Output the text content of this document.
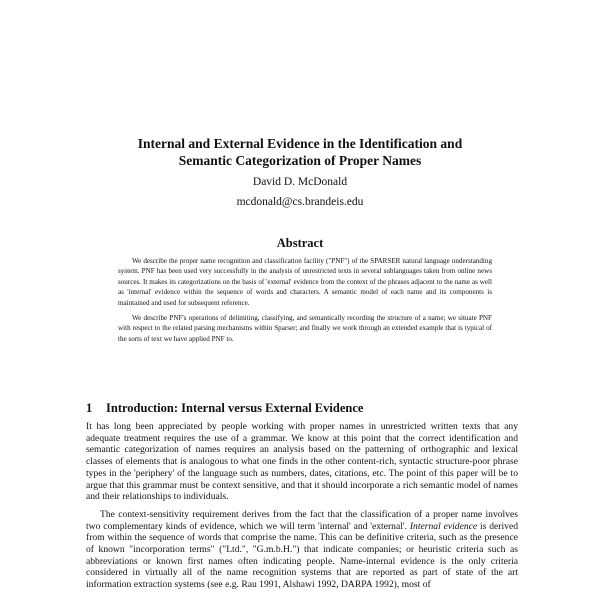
Internal and External Evidence in the Identification and
Semantic Categorization of Proper Names
David D. McDonald
mcdonald@cs.brandeis.edu
Abstract

We describe the proper name recognition and classification facility ("PNF") of the SPARSER natural language understanding system. PNF has been used very successfully in the analysis of unrestricted texts in several sublanguages taken from online news sources. It makes its categorizations on the basis of 'external' evidence from the context of the phrases adjacent to the name as well as 'internal' evidence within the sequence of words and characters. A semantic model of each name and its components is maintained and used for subsequent reference.

We describe PNF's operations of delimiting, classifying, and semantically recording the structure of a name; we situate PNF with respect to the related parsing mechanisms within Sparser; and finally we work through an extended example that is typical of the sorts of text we have applied PNF to.

1 Introduction: Internal versus External Evidence

It has long been appreciated by people working with proper names in unrestricted written texts that any adequate treatment requires the use of a grammar. We know at this point that the correct identification and semantic categorization of names requires an analysis based on the patterning of orthographic and lexical classes of elements that is analogous to what one finds in the other content-rich, syntactic structure-poor phrase types in the 'periphery' of the language such as numbers, dates, citations, etc. The point of this paper will be to argue that this grammar must be context sensitive, and that it should incorporate a rich semantic model of names and their relationships to individuals.

The context-sensitivity requirement derives from the fact that the classification of a proper name involves two complementary kinds of evidence, which we will term 'internal' and 'external'. Internal evidence is derived from within the sequence of words that comprise the name. This can be definitive criteria, such as the presence of known "incorporation terms" ("Ltd.", "G.m.b.H.") that indicate companies; or heuristic criteria such as abbreviations or known first names often indicating people. Name-internal evidence is the only criteria considered in virtually all of the name recognition systems that are reported as part of state of the art information extraction systems (see e.g. Rau 1991, Alshawi 1992, DARPA 1992), most of
